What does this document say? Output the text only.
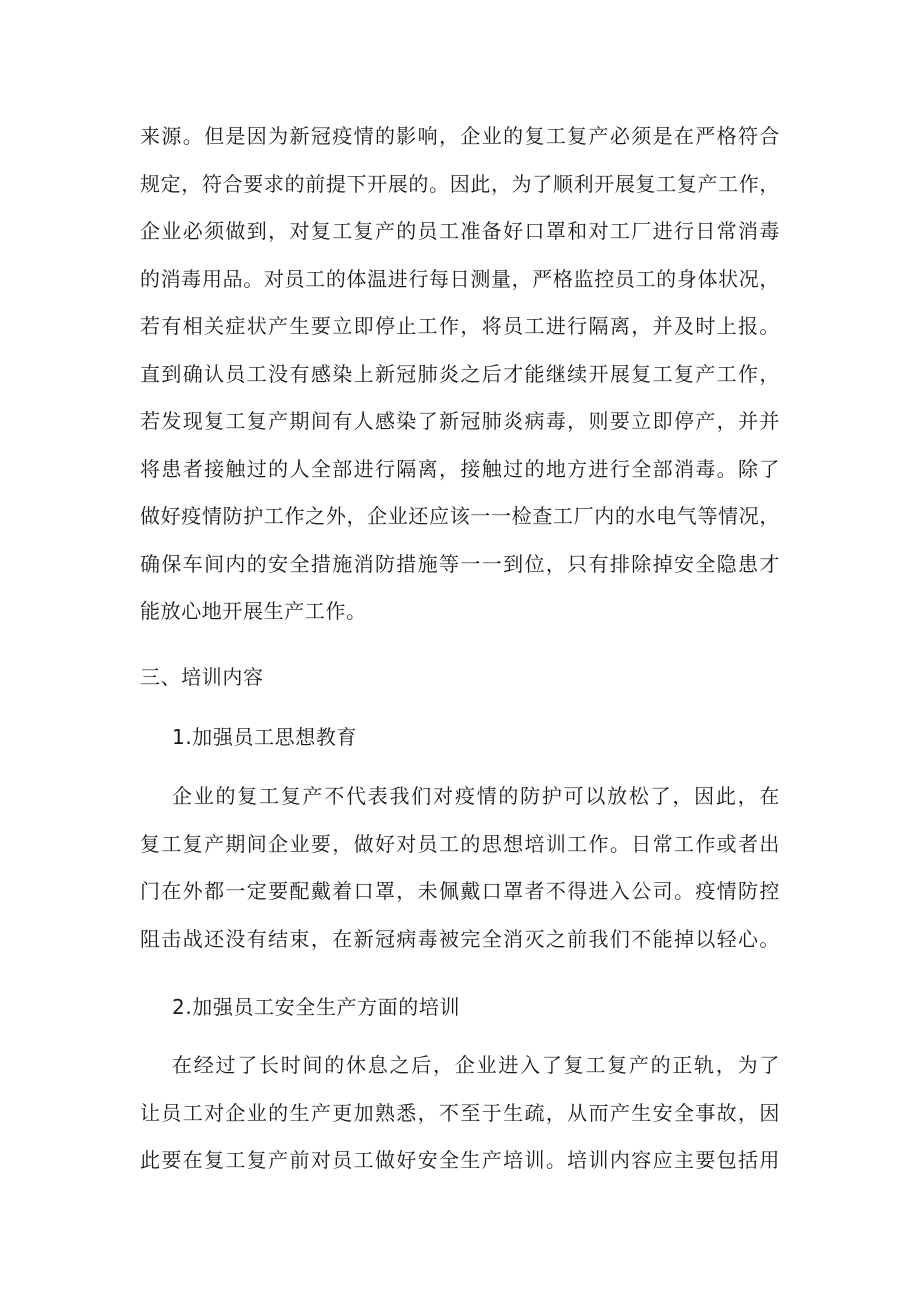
来源。但是因为新冠疫情的影响，企业的复工复产必须是在严格符合
规定，符合要求的前提下开展的。因此，为了顺利开展复工复产工作，
企业必须做到，对复工复产的员工准备好口罩和对工厂进行日常消毒
的消毒用品。对员工的体温进行每日测量，严格监控员工的身体状况，
若有相关症状产生要立即停止工作，将员工进行隔离，并及时上报。
直到确认员工没有感染上新冠肺炎之后才能继续开展复工复产工作，
若发现复工复产期间有人感染了新冠肺炎病毒，则要立即停产，并并
将患者接触过的人全部进行隔离，接触过的地方进行全部消毒。除了
做好疫情防护工作之外，企业还应该一一检查工厂内的水电气等情况，
确保车间内的安全措施消防措施等一一到位，只有排除掉安全隐患才
能放心地开展生产工作。
三、培训内容
1.加强员工思想教育
企业的复工复产不代表我们对疫情的防护可以放松了，因此，在
复工复产期间企业要，做好对员工的思想培训工作。日常工作或者出
门在外都一定要配戴着口罩，未佩戴口罩者不得进入公司。疫情防控
阻击战还没有结束，在新冠病毒被完全消灭之前我们不能掉以轻心。
2.加强员工安全生产方面的培训
在经过了长时间的休息之后，企业进入了复工复产的正轨，为了
让员工对企业的生产更加熟悉，不至于生疏，从而产生安全事故，因
此要在复工复产前对员工做好安全生产培训。培训内容应主要包括用
